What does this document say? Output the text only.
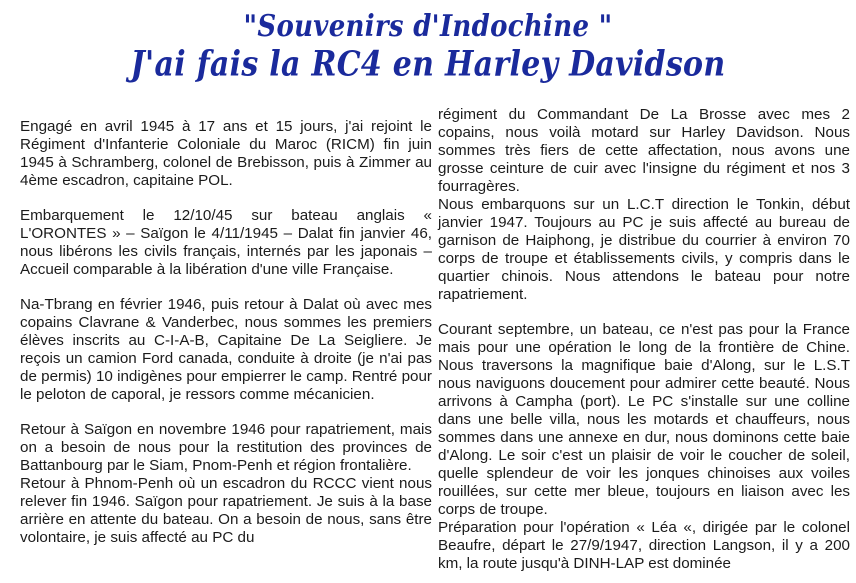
"Souvenirs d'Indochine "
J'ai fais la RC4 en Harley Davidson

Engagé en avril 1945 à 17 ans et 15 jours, j'ai rejoint le Régiment d'Infanterie Coloniale du Maroc (RICM) fin juin 1945 à Schramberg, colonel de Brebisson, puis à Zimmer au 4ème escadron, capitaine POL.

Embarquement le 12/10/45 sur bateau anglais « L'ORONTES » – Saïgon le 4/11/1945 – Dalat fin janvier 46, nous libérons les civils français, internés par les japonais – Accueil comparable à la libération d'une ville Française.

Na-Tbrang en février 1946, puis retour à Dalat où avec mes copains Clavrane & Vanderbec, nous sommes les premiers élèves inscrits au C-I-A-B, Capitaine De La Seigliere. Je reçois un camion Ford canada, conduite à droite (je n'ai pas de permis) 10 indigènes pour empierrer le camp. Rentré pour le peloton de caporal, je ressors comme mécanicien.

Retour à Saïgon en novembre 1946 pour rapatriement, mais on a besoin de nous pour la restitution des provinces de Battanbourg par le Siam, Pnom-Penh et région frontalière.

Retour à Phnom-Penh où un escadron du RCCC vient nous relever fin 1946. Saïgon pour rapatriement. Je suis à la base arrière en attente du bateau. On a besoin de nous, sans être volontaire, je suis affecté au PC du

régiment du Commandant De La Brosse avec mes 2 copains, nous voilà motard sur Harley Davidson. Nous sommes très fiers de cette affectation, nous avons une grosse ceinture de cuir avec l'insigne du régiment et nos 3 fourragères.

Nous embarquons sur un L.C.T direction le Tonkin, début janvier 1947. Toujours au PC je suis affecté au bureau de garnison de Haiphong, je distribue du courrier à environ 70 corps de troupe et établissements civils, y compris dans le quartier chinois. Nous attendons le bateau pour notre rapatriement.

Courant septembre, un bateau, ce n'est pas pour la France mais pour une opération le long de la frontière de Chine. Nous traversons la magnifique baie d'Along, sur le L.S.T nous naviguons doucement pour admirer cette beauté. Nous arrivons à Campha (port). Le PC s'installe sur une colline dans une belle villa, nous les motards et chauffeurs, nous sommes dans une annexe en dur, nous dominons cette baie d'Along. Le soir c'est un plaisir de voir le coucher de soleil, quelle splendeur de voir les jonques chinoises aux voiles rouillées, sur cette mer bleue, toujours en liaison avec les corps de troupe.

Préparation pour l'opération « Léa «, dirigée par le colonel Beaufre, départ le 27/9/1947, direction Langson, il y a 200 km, la route jusqu'à DINH-LAP est dominée
